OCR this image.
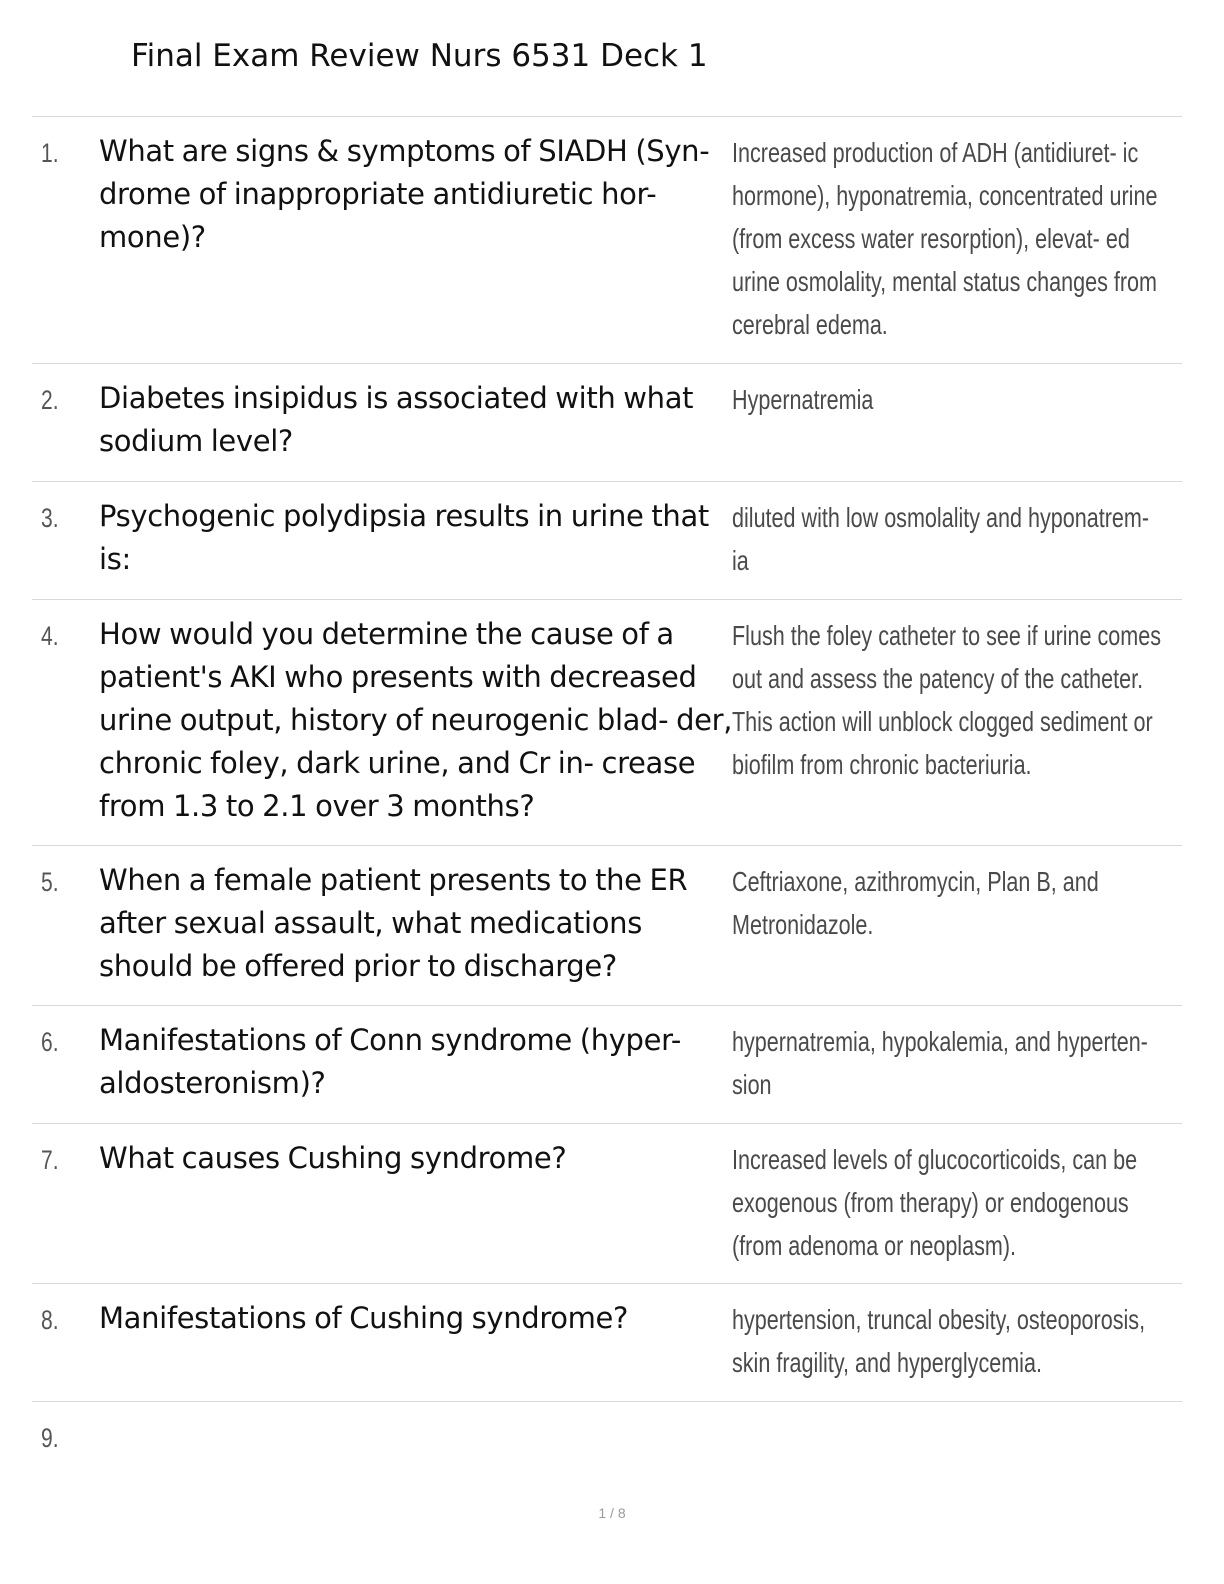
Final Exam Review Nurs 6531 Deck 1
1. What are signs & symptoms of SIADH (Syn- drome of inappropriate antidiuretic hor- mone)?
Increased production of ADH (antidiuret- ic hormone), hyponatremia, concentrated urine (from excess water resorption), elevat- ed urine osmolality, mental status changes from cerebral edema.
2. Diabetes insipidus is associated with what sodium level?
Hypernatremia
3. Psychogenic polydipsia results in urine that is:
diluted with low osmolality and hyponatrem- ia
4. How would you determine the cause of a patient's AKI who presents with decreased urine output, history of neurogenic blad- der, chronic foley, dark urine, and Cr in- crease from 1.3 to 2.1 over 3 months?
Flush the foley catheter to see if urine comes out and assess the patency of the catheter. This action will unblock clogged sediment or biofilm from chronic bacteriuria.
5. When a female patient presents to the ER after sexual assault, what medications should be offered prior to discharge?
Ceftriaxone, azithromycin, Plan B, and Metronidazole.
6. Manifestations of Conn syndrome (hyper- aldosteronism)?
hypernatremia, hypokalemia, and hyperten- sion
7. What causes Cushing syndrome?	Increased levels of glucocorticoids, can be exogenous (from therapy) or endogenous (from adenoma or neoplasm).
8. Manifestations of Cushing syndrome?	hypertension, truncal obesity, osteoporosis, skin fragility, and hyperglycemia.
9.
1 / 8
